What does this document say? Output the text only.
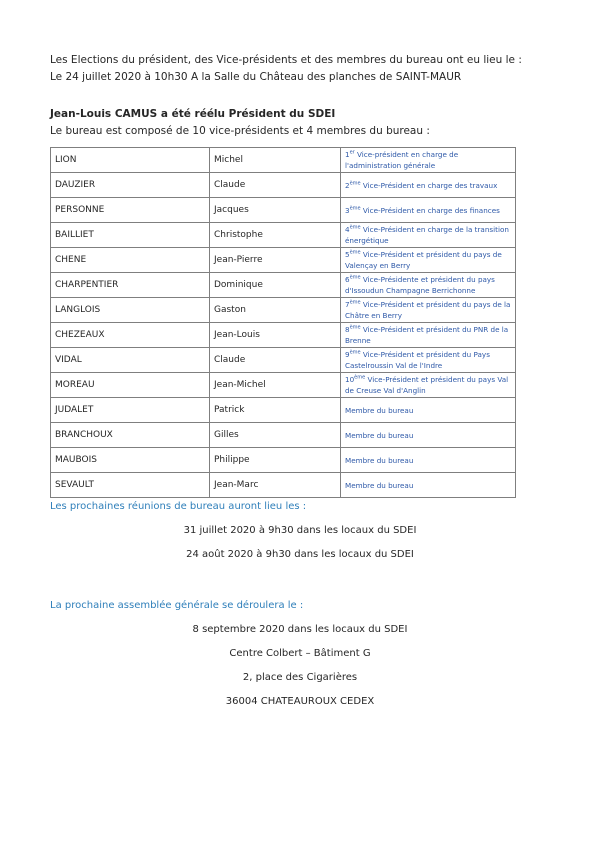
Les Elections du président, des Vice-présidents et des membres du bureau ont eu lieu le :
Le 24 juillet 2020 à 10h30 A la Salle du Château des planches de SAINT-MAUR
Jean-Louis CAMUS a été réélu Président du SDEI
Le bureau est composé de 10 vice-présidents et 4 membres du bureau :
LION	Michel	1er Vice-président en charge de l'administration générale
DAUZIER	Claude	2ème Vice-Président en charge des travaux
PERSONNE	Jacques	3ème Vice-Président en charge des finances
BAILLIET	Christophe	4ème Vice-Président en charge de la transition énergétique
CHENE	Jean-Pierre	5ème Vice-Président et président du pays de Valençay en Berry
CHARPENTIER	Dominique	6ème Vice-Présidente et président du pays d'Issoudun Champagne Berrichonne
LANGLOIS	Gaston	7ème Vice-Président et président du pays de la Châtre en Berry
CHEZEAUX	Jean-Louis	8ème Vice-Président et président du PNR de la Brenne
VIDAL	Claude	9ème Vice-Président et président du Pays Castelroussin Val de l'Indre
MOREAU	Jean-Michel	10ème Vice-Président et président du pays Val de Creuse Val d'Anglin
JUDALET	Patrick	Membre du bureau
BRANCHOUX	Gilles	Membre du bureau
MAUBOIS	Philippe	Membre du bureau
SEVAULT	Jean-Marc	Membre du bureau
Les prochaines réunions de bureau auront lieu les :
31 juillet 2020 à 9h30 dans les locaux du SDEI
24 août 2020 à 9h30 dans les locaux du SDEI
La prochaine assemblée générale se déroulera le :
8 septembre 2020 dans les locaux du SDEI
Centre Colbert – Bâtiment G
2, place des Cigarières
36004 CHATEAUROUX CEDEX
